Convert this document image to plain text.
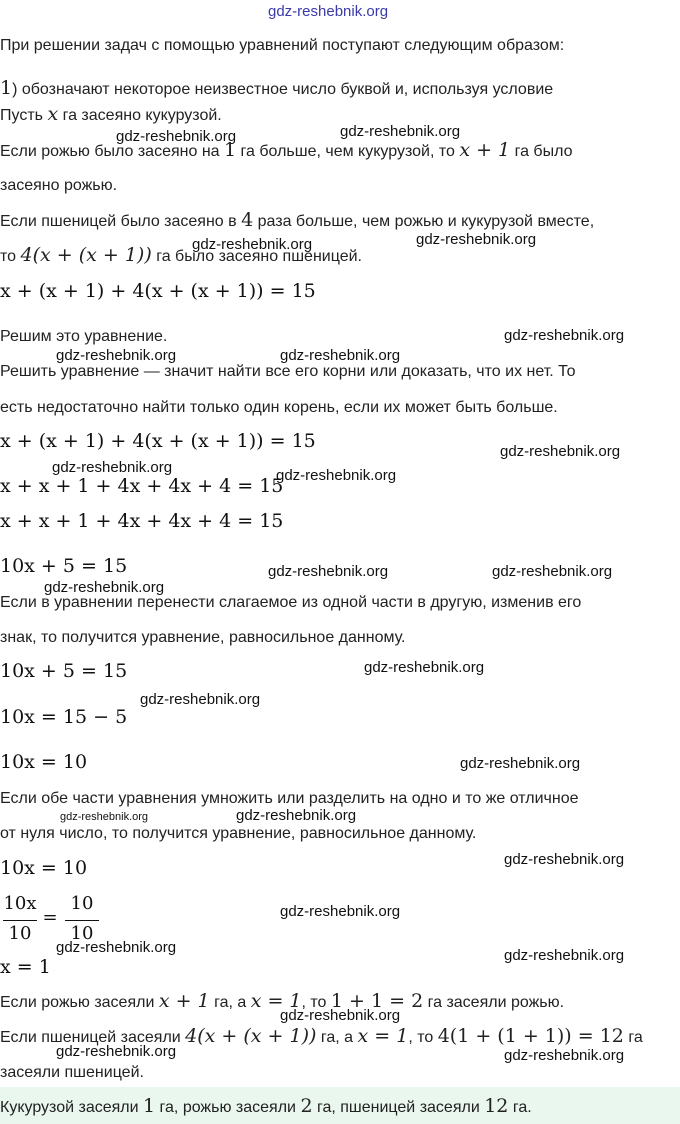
gdz-reshebnik.org
При решении задач с помощью уравнений поступают следующим образом:
1) обозначают некоторое неизвестное число буквой и, используя условие
Пусть x га засеяно кукурузой.
gdz-reshebnik.org	gdz-reshebnik.org
Если рожью было засеяно на 1 га больше, чем кукурузой, то x + 1 га было
засеяно рожью.
Если пшеницей было засеяно в 4 раза больше, чем рожью и кукурузой вместе,
то 4(x + (x + 1)) га было засеяно пшеницей.
gdz-reshebnik.org	gdz-reshebnik.org
x + (x + 1) + 4(x + (x + 1)) = 15
Решим это уравнение.	gdz-reshebnik.org
gdz-reshebnik.org	gdz-reshebnik.org
Решить уравнение — значит найти все его корни или доказать, что их нет. То
есть недостаточно найти только один корень, если их может быть больше.
x + (x + 1) + 4(x + (x + 1)) = 15	gdz-reshebnik.org
gdz-reshebnik.org
x + x + 1 + 4x + 4x + 4 = 15
gdz-reshebnik.org
x + x + 1 + 4x + 4x + 4 = 15
10x + 5 = 15	gdz-reshebnik.org	gdz-reshebnik.org
gdz-reshebnik.org
Если в уравнении перенести слагаемое из одной части в другую, изменив его
знак, то получится уравнение, равносильное данному.
10x + 5 = 15	gdz-reshebnik.org
gdz-reshebnik.org
10x = 15 − 5
10x = 10	gdz-reshebnik.org
Если обе части уравнения умножить или разделить на одно и то же отличное
gdz-reshebnik.org	gdz-reshebnik.org
от нуля число, то получится уравнение, равносильное данному.
10x = 10	gdz-reshebnik.org
10x
10
=
10
10
gdz-reshebnik.org
gdz-reshebnik.org	gdz-reshebnik.org
x = 1
Если рожью засеяли x + 1 га, а x = 1, то 1 + 1 = 2 га засеяли рожью.
Если пшеницей засеяли 4(x + (x + 1)) га, а x = 1, то 4(1 + (1 + 1)) = 12 га
gdz-reshebnik.org
gdz-reshebnik.org	gdz-reshebnik.org
засеяли пшеницей.
Кукурузой засеяли 1 га, рожью засеяли 2 га, пшеницей засеяли 12 га.
